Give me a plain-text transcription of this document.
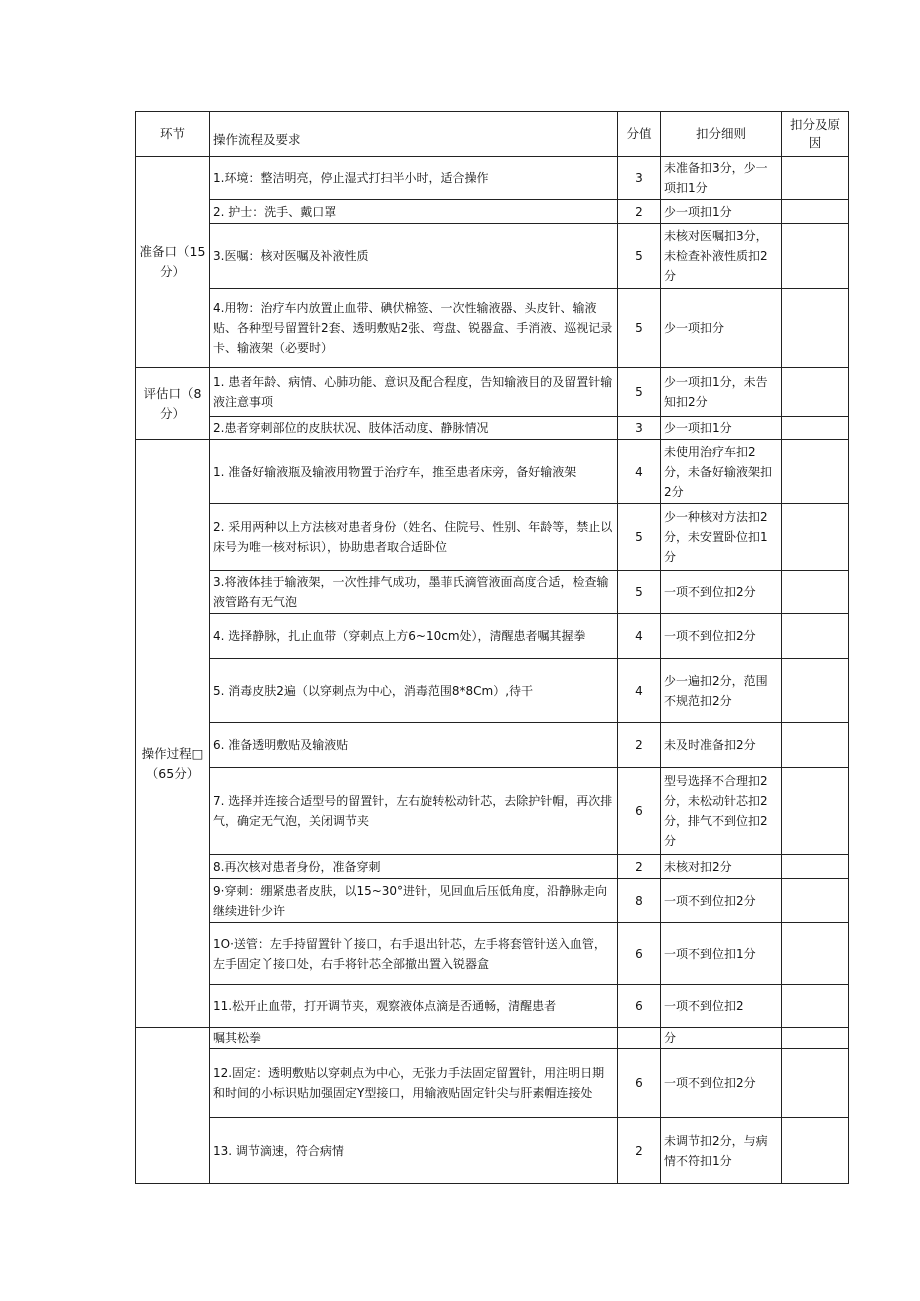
环节	操作流程及要求	分值	扣分细则	扣分及原因
准备口（15分）	1.环境：整洁明亮，停止湿式打扫半小时，适合操作	3	未准备扣3分，少一项扣1分	
	2. 护士：洗手、戴口罩	2	少一项扣1分	
	3.医嘱：核对医嘱及补液性质	5	未核对医嘱扣3分，未检查补液性质扣2分	
	4.用物：治疗车内放置止血带、碘伏棉签、一次性输液器、头皮针、输液贴、各种型号留置针2套、透明敷贴2张、弯盘、锐器盒、手消液、巡视记录卡、输液架（必要时）	5	少一项扣分	
评估口（8分）	1. 患者年龄、病情、心肺功能、意识及配合程度，告知输液目的及留置针输液注意事项	5	少一项扣1分，未告知扣2分	
	2.患者穿刺部位的皮肤状况、肢体活动度、静脉情况	3	少一项扣1分	
操作过程□（65分）	1. 准备好输液瓶及输液用物置于治疗车，推至患者床旁，备好输液架	4	未使用治疗车扣2分，未备好输液架扣2分	
	2. 采用两种以上方法核对患者身份（姓名、住院号、性别、年龄等，禁止以床号为唯一核对标识），协助患者取合适卧位	5	少一种核对方法扣2分，未安置卧位扣1分	
	3.将液体挂于输液架，一次性排气成功，墨菲氏滴管液面高度合适，检查输液管路有无气泡	5	一项不到位扣2分	
	4. 选择静脉，扎止血带（穿刺点上方6~10cm处），清醒患者嘱其握拳	4	一项不到位扣2分	
	5. 消毒皮肤2遍（以穿刺点为中心，消毒范围8*8Cm）,待干	4	少一遍扣2分，范围不规范扣2分	
	6. 准备透明敷贴及输液贴	2	未及时准备扣2分	
	7. 选择并连接合适型号的留置针，左右旋转松动针芯，去除护针帽，再次排气，确定无气泡，关闭调节夹	6	型号选择不合理扣2分，未松动针芯扣2分，排气不到位扣2分	
	8.再次核对患者身份，准备穿刺	2	未核对扣2分	
	9·穿刺：绷紧患者皮肤，以15~30°进针，见回血后压低角度，沿静脉走向继续进针少许	8	一项不到位扣2分	
	1O·送管：左手持留置针丫接口，右手退出针芯，左手将套管针送入血管，左手固定丫接口处，右手将针芯全部撤出置入锐器盒	6	一项不到位扣1分	
	11.松开止血带，打开调节夹，观察液体点滴是否通畅，清醒患者	6	一项不到位扣2	
	嘱其松拳		分	
	12.固定：透明敷贴以穿刺点为中心，无张力手法固定留置针，用注明日期和时间的小标识贴加强固定Y型接口，用输液贴固定针尖与肝素帽连接处	6	一项不到位扣2分	
	13. 调节滴速，符合病情	2	未调节扣2分，与病情不符扣1分	
